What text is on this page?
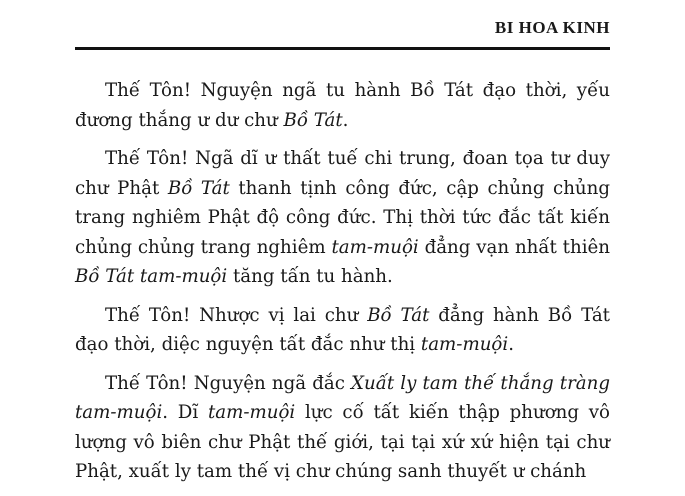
BI HOA KINH

Thế Tôn! Nguyện ngã tu hành Bồ Tát đạo thời, yếu đương thắng ư dư chư Bồ Tát.

Thế Tôn! Ngã dĩ ư thất tuế chi trung, đoan tọa tư duy chư Phật Bồ Tát thanh tịnh công đức, cập chủng chủng trang nghiêm Phật độ công đức. Thị thời tức đắc tất kiến chủng chủng trang nghiêm tam-muội đẳng vạn nhất thiên Bồ Tát tam-muội tăng tấn tu hành.

Thế Tôn! Nhược vị lai chư Bồ Tát đẳng hành Bồ Tát đạo thời, diệc nguyện tất đắc như thị tam-muội.

Thế Tôn! Nguyện ngã đắc Xuất ly tam thế thắng tràng tam-muội. Dĩ tam-muội lực cố tất kiến thập phương vô lượng vô biên chư Phật thế giới, tại tại xứ xứ hiện tại chư Phật, xuất ly tam thế vị chư chúng sanh thuyết ư chánh
